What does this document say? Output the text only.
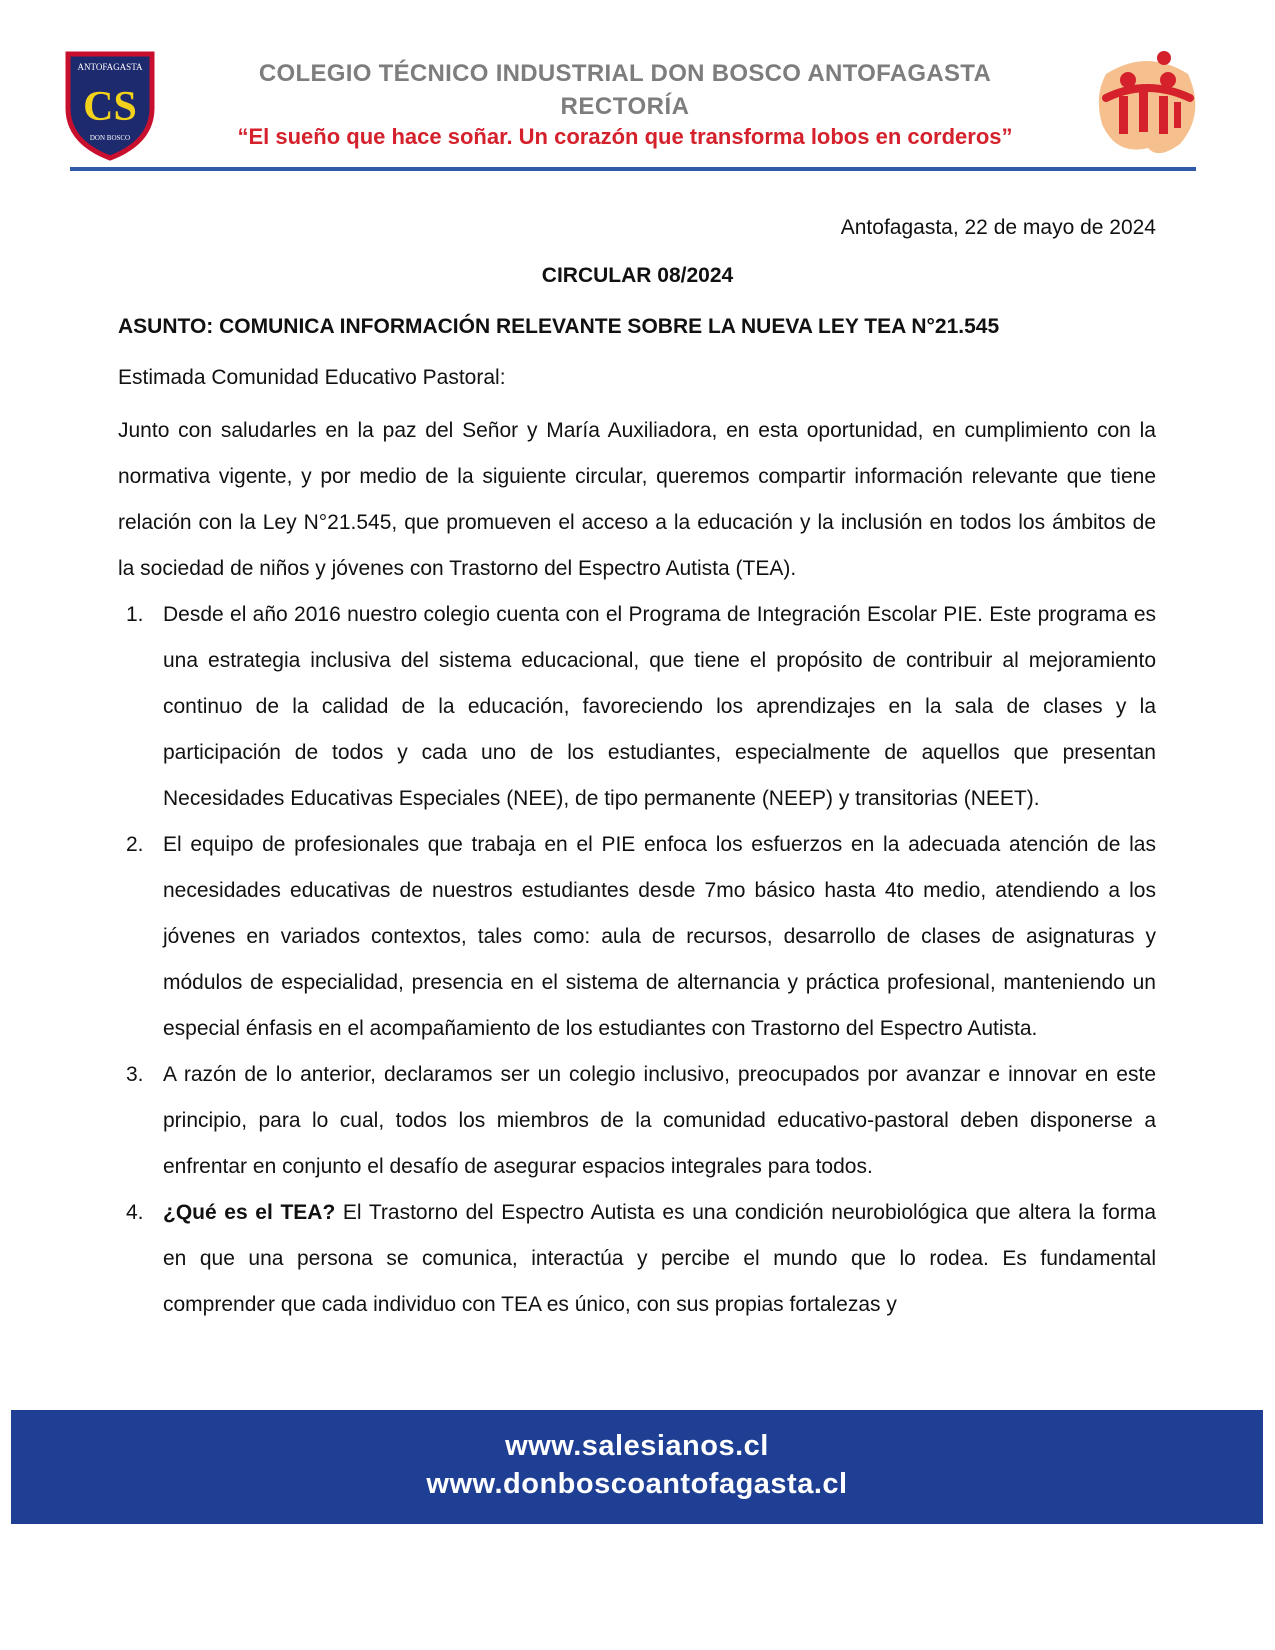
ANTOFAGASTA
CS
DON BOSCO
COLEGIO TÉCNICO INDUSTRIAL DON BOSCO ANTOFAGASTA
RECTORÍA
“El sueño que hace soñar. Un corazón que transforma lobos en corderos”
Antofagasta, 22 de mayo de 2024
CIRCULAR 08/2024
ASUNTO: COMUNICA INFORMACIÓN RELEVANTE SOBRE LA NUEVA LEY TEA N°21.545
Estimada Comunidad Educativo Pastoral:

Junto con saludarles en la paz del Señor y María Auxiliadora, en esta oportunidad, en cumplimiento con la normativa vigente, y por medio de la siguiente circular, queremos compartir información relevante que tiene relación con la Ley N°21.545, que promueven el acceso a la educación y la inclusión en todos los ámbitos de la sociedad de niños y jóvenes con Trastorno del Espectro Autista (TEA).

1. Desde el año 2016 nuestro colegio cuenta con el Programa de Integración Escolar PIE. Este programa es una estrategia inclusiva del sistema educacional, que tiene el propósito de contribuir al mejoramiento continuo de la calidad de la educación, favoreciendo los aprendizajes en la sala de clases y la participación de todos y cada uno de los estudiantes, especialmente de aquellos que presentan Necesidades Educativas Especiales (NEE), de tipo permanente (NEEP) y transitorias (NEET).
2. El equipo de profesionales que trabaja en el PIE enfoca los esfuerzos en la adecuada atención de las necesidades educativas de nuestros estudiantes desde 7mo básico hasta 4to medio, atendiendo a los jóvenes en variados contextos, tales como: aula de recursos, desarrollo de clases de asignaturas y módulos de especialidad, presencia en el sistema de alternancia y práctica profesional, manteniendo un especial énfasis en el acompañamiento de los estudiantes con Trastorno del Espectro Autista.
3. A razón de lo anterior, declaramos ser un colegio inclusivo, preocupados por avanzar e innovar en este principio, para lo cual, todos los miembros de la comunidad educativo-pastoral deben disponerse a enfrentar en conjunto el desafío de asegurar espacios integrales para todos.
4. ¿Qué es el TEA? El Trastorno del Espectro Autista es una condición neurobiológica que altera la forma en que una persona se comunica, interactúa y percibe el mundo que lo rodea. Es fundamental comprender que cada individuo con TEA es único, con sus propias fortalezas y
www.salesianos.cl
www.donboscoantofagasta.cl
